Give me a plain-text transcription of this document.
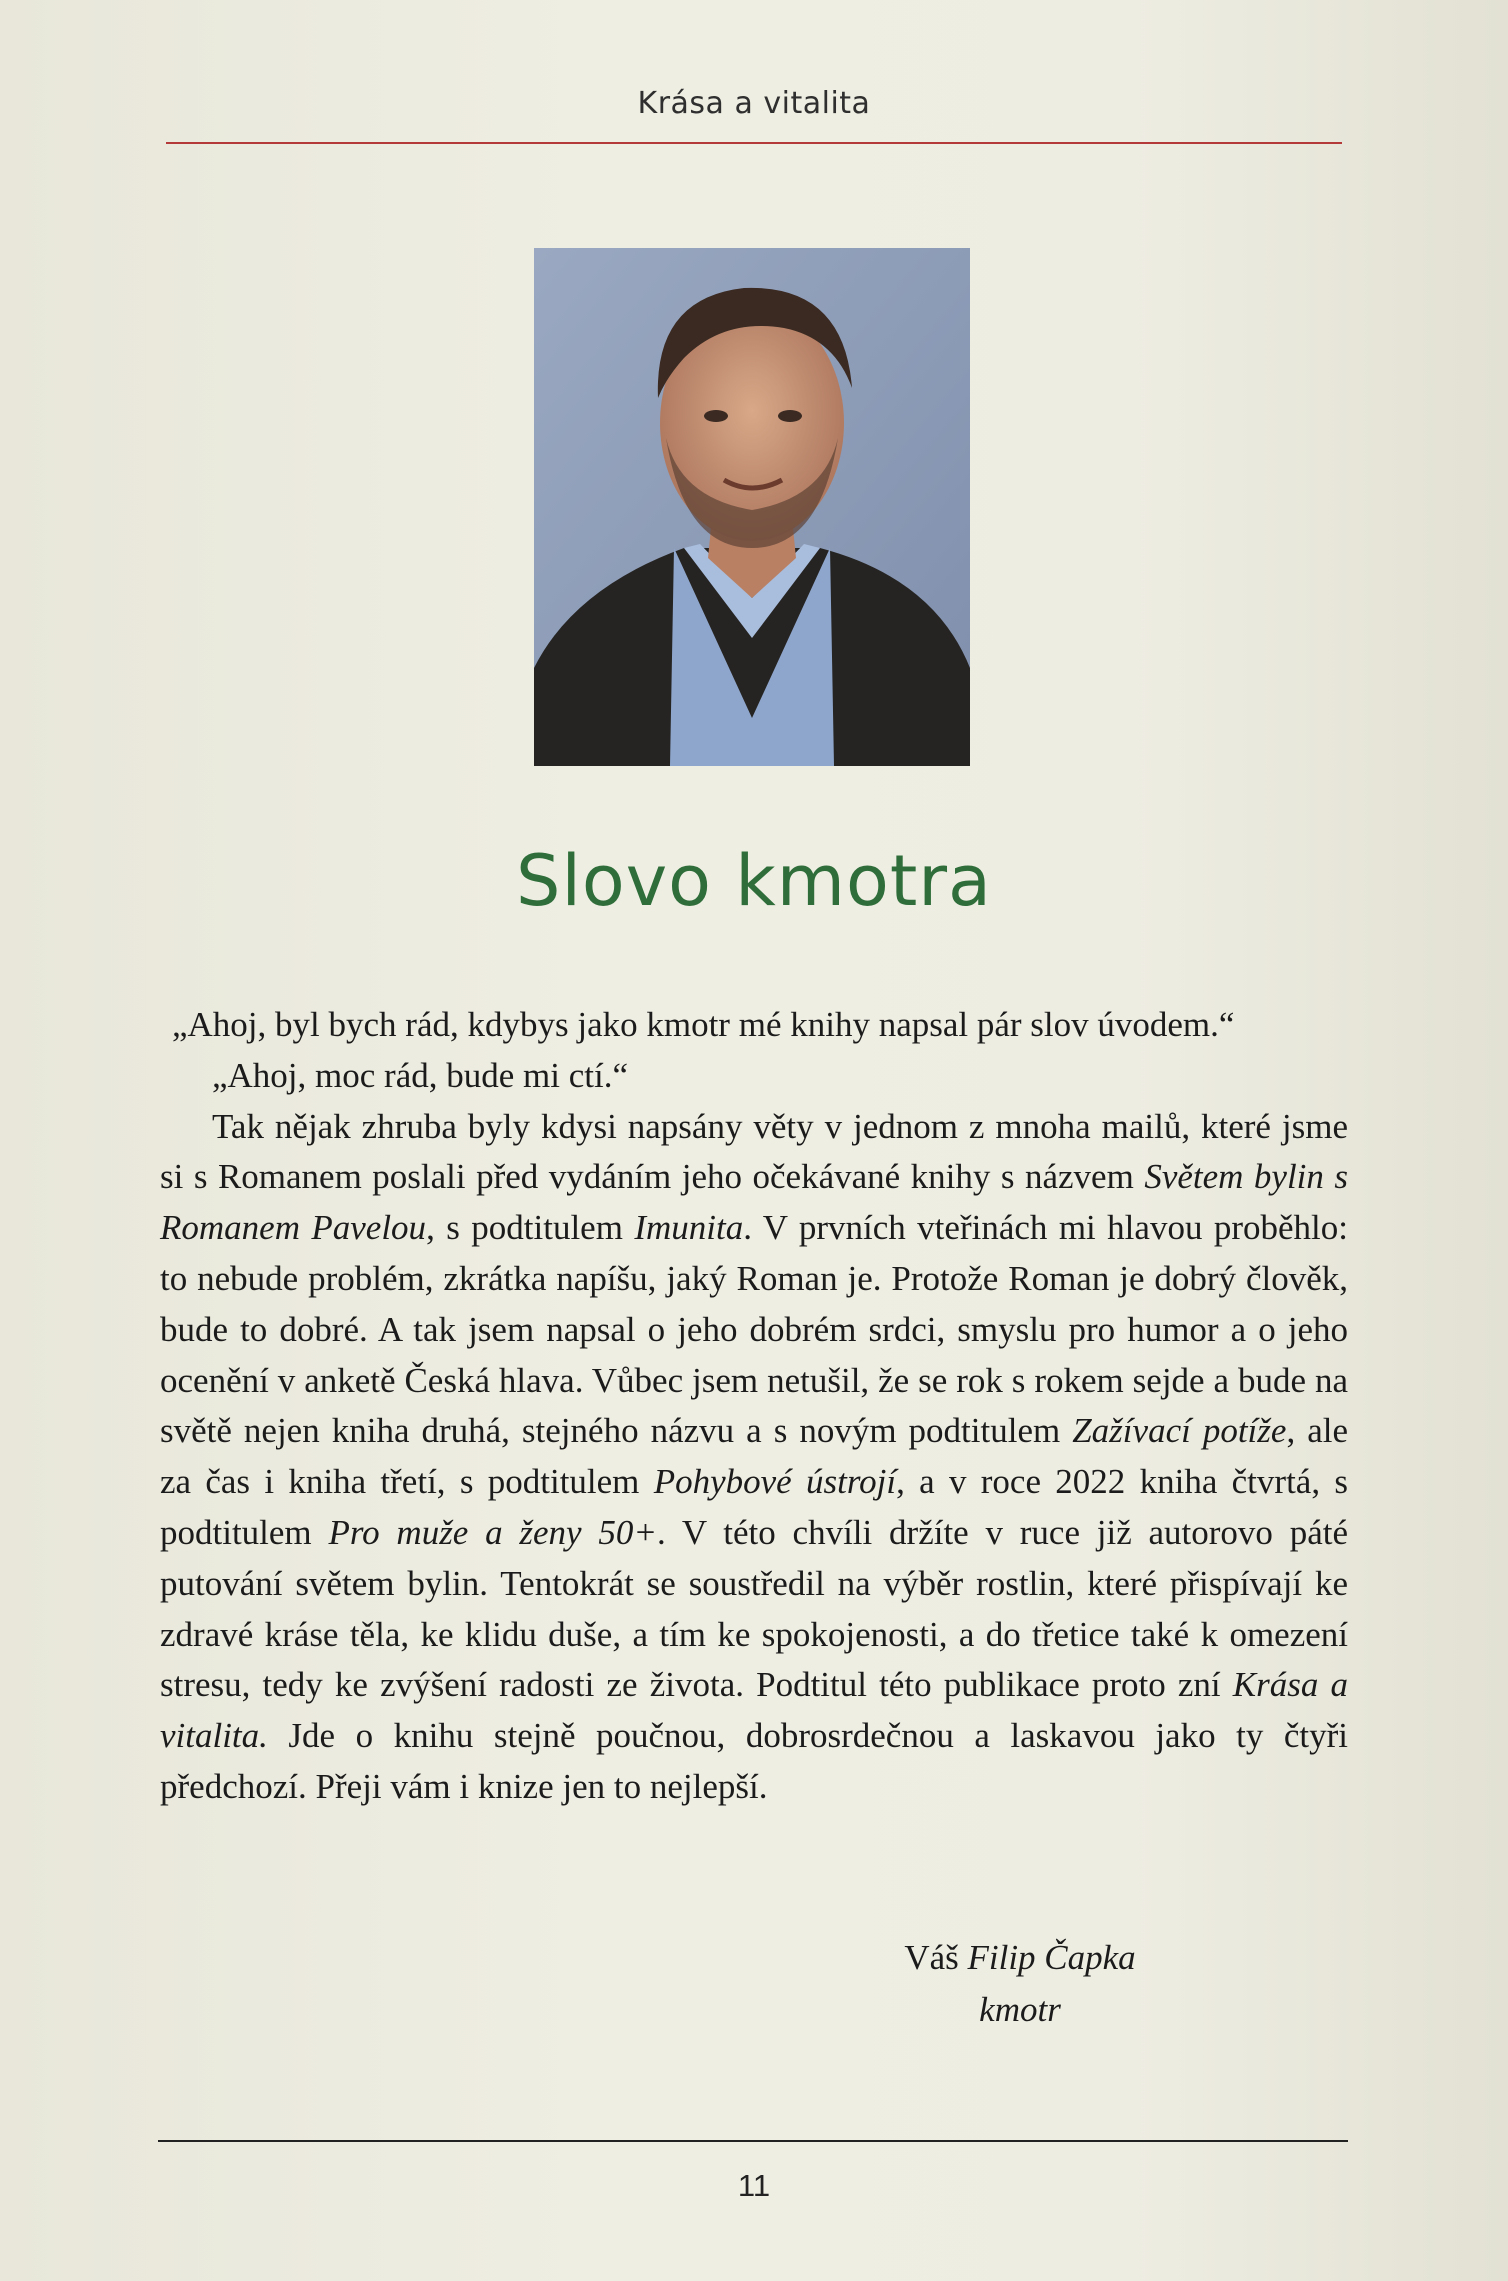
Krása a vitalita
Slovo kmotra

„Ahoj, byl bych rád, kdybys jako kmotr mé knihy napsal pár slov úvodem.“

„Ahoj, moc rád, bude mi ctí.“

Tak nějak zhruba byly kdysi napsány věty v jednom z mnoha mailů, které jsme si s Romanem poslali před vydáním jeho očekávané knihy s názvem Světem bylin s Romanem Pavelou, s podtitulem Imunita. V prvních vteřinách mi hlavou proběhlo: to nebude problém, zkrátka napíšu, jaký Roman je. Protože Roman je dobrý člověk, bude to dobré. A tak jsem napsal o jeho dobrém srdci, smyslu pro humor a o jeho ocenění v anketě Česká hlava. Vůbec jsem netušil, že se rok s rokem sejde a bude na světě nejen kniha druhá, stejného názvu a s novým podtitulem Zažívací potíže, ale za čas i kniha třetí, s podtitulem Pohybové ústrojí, a v roce 2022 kniha čtvrtá, s podtitulem Pro muže a ženy 50+. V této chvíli držíte v ruce již autorovo páté putování světem bylin. Tentokrát se soustředil na výběr rostlin, které přispívají ke zdravé kráse těla, ke klidu duše, a tím ke spokojenosti, a do třetice také k omezení stresu, tedy ke zvýšení radosti ze života. Podtitul této publikace proto zní Krása a vitalita. Jde o knihu stejně poučnou, dobrosrdečnou a laskavou jako ty čtyři předchozí. Přeji vám i knize jen to nejlepší.

Váš Filip Čapka
kmotr
11
